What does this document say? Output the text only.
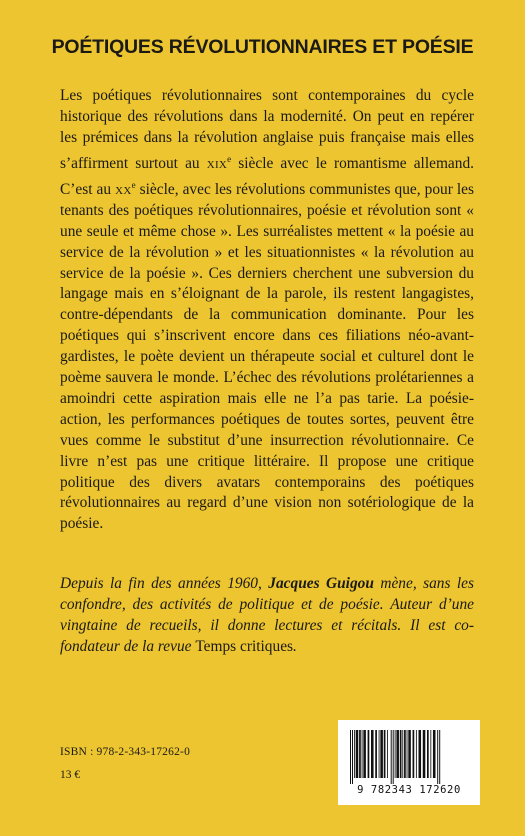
POÉTIQUES RÉVOLUTIONNAIRES ET POÉSIE

Les poétiques révolutionnaires sont contemporaines du cycle historique des révolutions dans la modernité. On peut en repérer les prémices dans la révolution anglaise puis française mais elles s’affirment surtout au xix$^e$ siècle avec le romantisme allemand. C’est au $xx^e$ siècle, avec les révolutions communistes que, pour les tenants des poétiques révolutionnaires, poésie et révolution sont « une seule et même chose ». Les surréalistes mettent « la poésie au service de la révolution » et les situationnistes « la révolution au service de la poésie ». Ces derniers cherchent une subversion du langage mais en s’éloignant de la parole, ils restent langagistes, contre-dépendants de la communication dominante. Pour les poétiques qui s’inscrivent encore dans ces filiations néo-avant-gardistes, le poète devient un thérapeute social et culturel dont le poème sauvera le monde. L’échec des révolutions prolétariennes a amoindri cette aspiration mais elle ne l’a pas tarie. La poésie-action, les performances poétiques de toutes sortes, peuvent être vues comme le substitut d’une insurrection révolutionnaire. Ce livre n’est pas une critique littéraire. Il propose une critique politique des divers avatars contemporains des poétiques révolutionnaires au regard d’une vision non sotériologique de la poésie.

Depuis la fin des années 1960, Jacques Guigou mène, sans les confondre, des activités de politique et de poésie. Auteur d’une vingtaine de recueils, il donne lectures et récitals. Il est co-fondateur de la revue Temps critiques.
ISBN : 978-2-343-17262-0
13 €
9 782343 172620
